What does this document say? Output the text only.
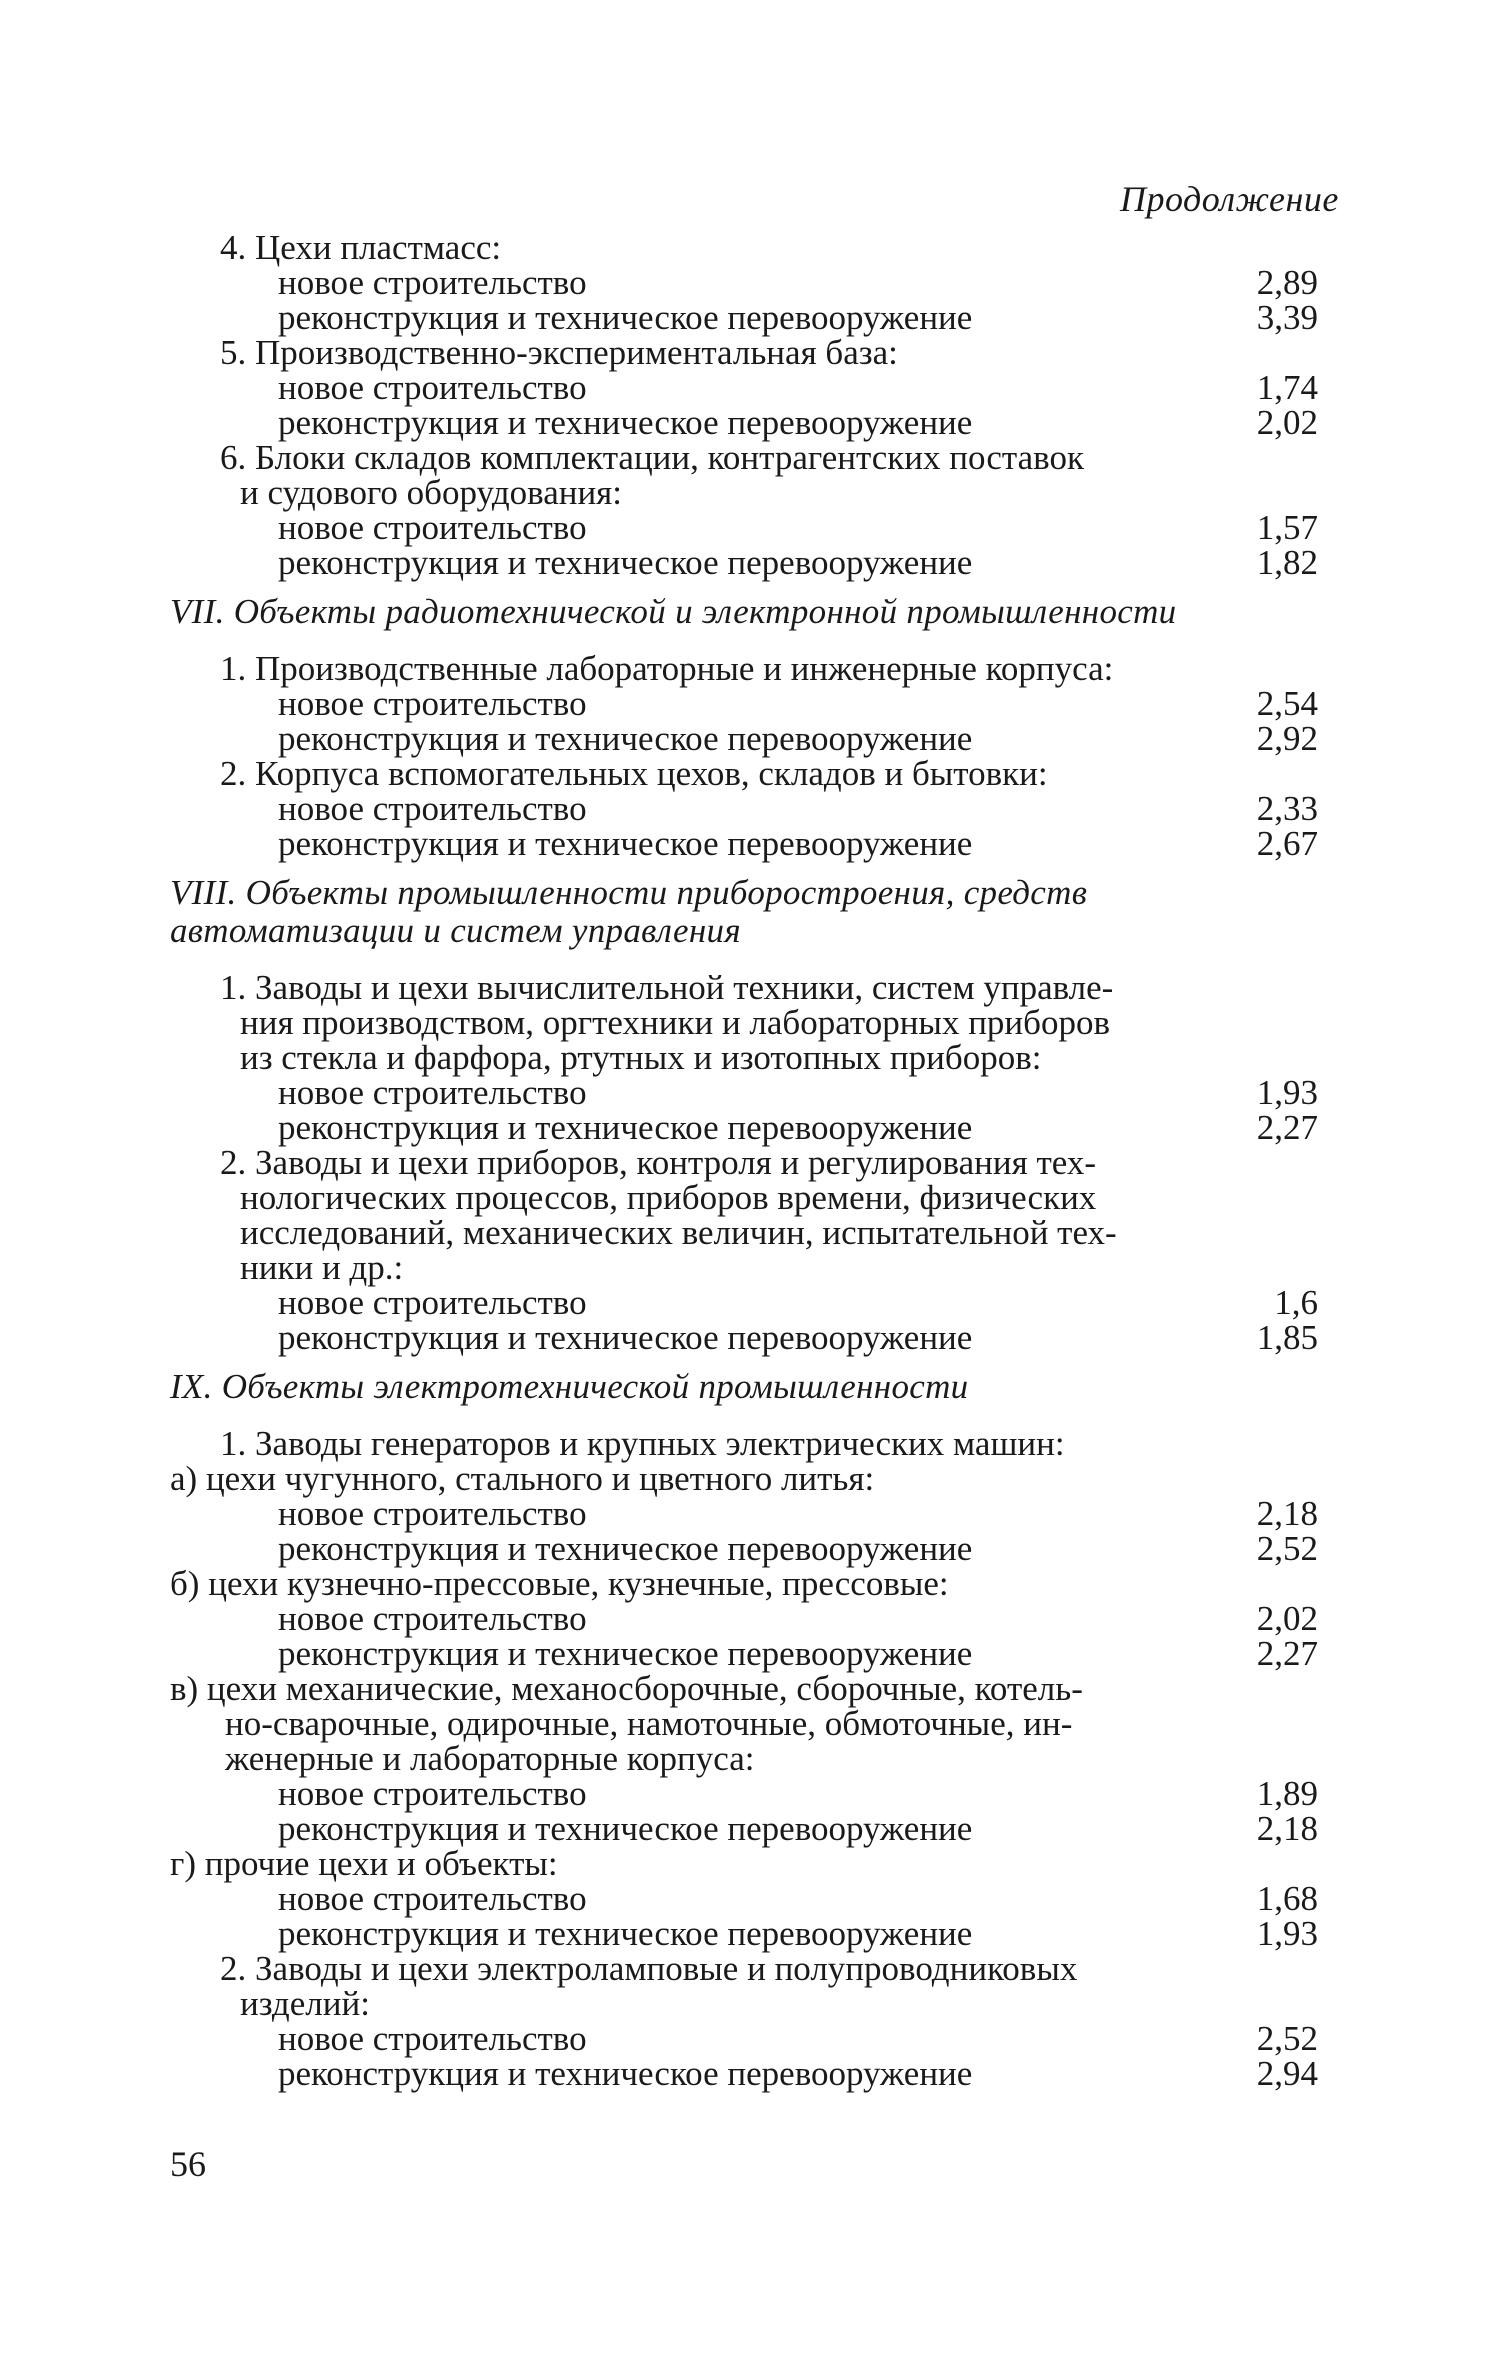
Продолжение
4. Цехи пластмасс:
новое строительство	2,89
реконструкция и техническое перевооружение	3,39
5. Производственно-экспериментальная база:
новое строительство	1,74
реконструкция и техническое перевооружение	2,02
6. Блоки складов комплектации, контрагентских поставок
и судового оборудования:
новое строительство	1,57
реконструкция и техническое перевооружение	1,82
VII. Объекты радиотехнической и электронной промышленности
1. Производственные лабораторные и инженерные корпуса:
новое строительство	2,54
реконструкция и техническое перевооружение	2,92
2. Корпуса вспомогательных цехов, складов и бытовки:
новое строительство	2,33
реконструкция и техническое перевооружение	2,67
VIII. Объекты промышленности приборостроения, средств автоматизации и систем управления
1. Заводы и цехи вычислительной техники, систем управле-
ния производством, оргтехники и лабораторных приборов
из стекла и фарфора, ртутных и изотопных приборов:
новое строительство	1,93
реконструкция и техническое перевооружение	2,27
2. Заводы и цехи приборов, контроля и регулирования тех-
нологических процессов, приборов времени, физических
исследований, механических величин, испытательной тех-
ники и др.:
новое строительство	1,6
реконструкция и техническое перевооружение	1,85
IX. Объекты электротехнической промышленности
1. Заводы генераторов и крупных электрических машин:
а) цехи чугунного, стального и цветного литья:
новое строительство	2,18
реконструкция и техническое перевооружение	2,52
б) цехи кузнечно-прессовые, кузнечные, прессовые:
новое строительство	2,02
реконструкция и техническое перевооружение	2,27
в) цехи механические, механосборочные, сборочные, котель-
но-сварочные, одирочные, намоточные, обмоточные, ин-
женерные и лабораторные корпуса:
новое строительство	1,89
реконструкция и техническое перевооружение	2,18
г) прочие цехи и объекты:
новое строительство	1,68
реконструкция и техническое перевооружение	1,93
2. Заводы и цехи электроламповые и полупроводниковых
изделий:
новое строительство	2,52
реконструкция и техническое перевооружение	2,94
56
